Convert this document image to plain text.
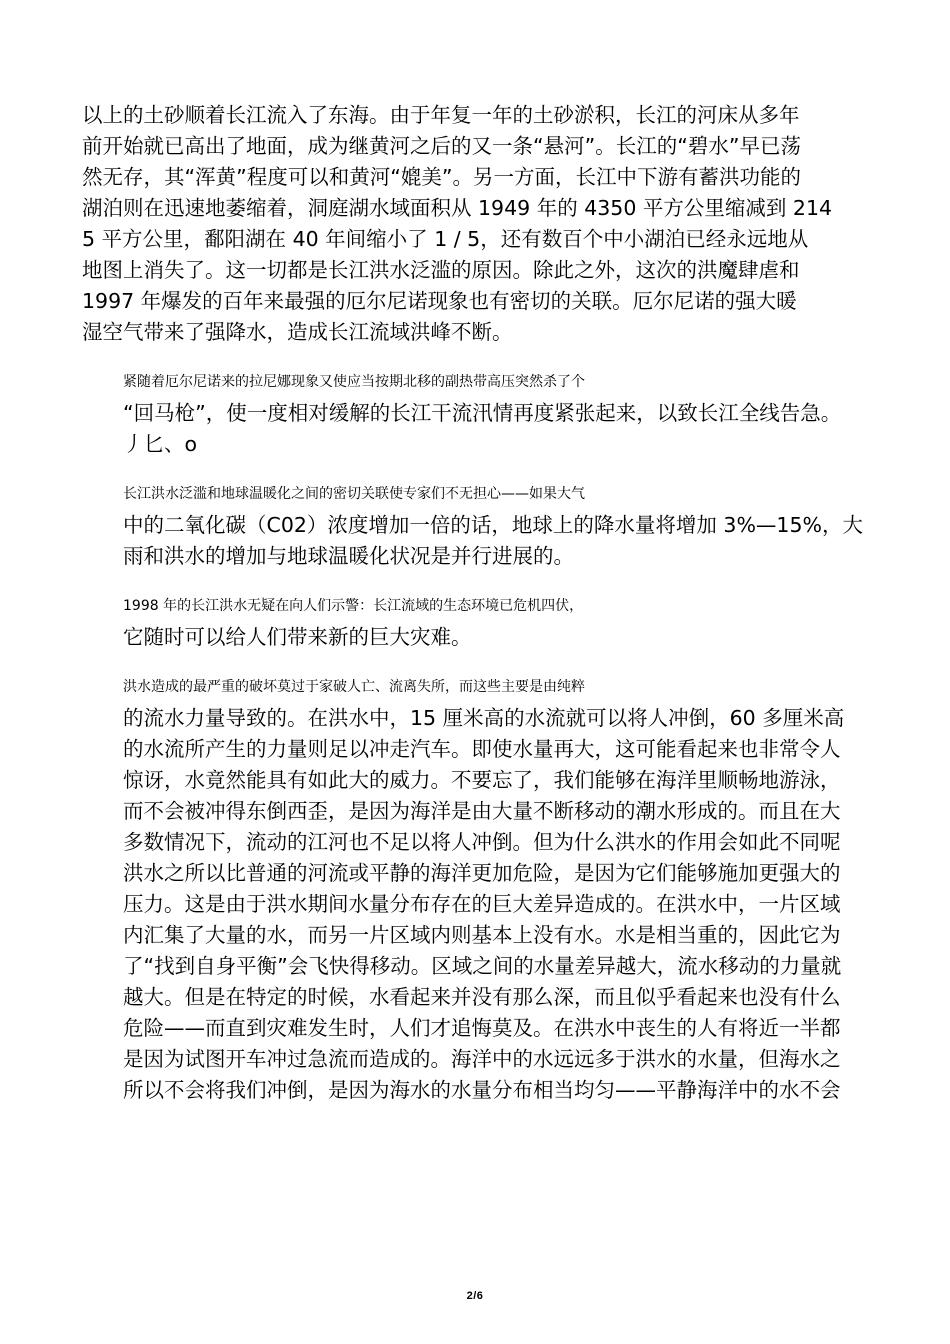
以上的土砂顺着长江流入了东海。由于年复一年的土砂淤积，长江的河床从多年
前开始就已高出了地面，成为继黄河之后的又一条“悬河”。长江的“碧水”早已荡
然无存，其“浑黄”程度可以和黄河“媲美”。另一方面，长江中下游有蓄洪功能的
湖泊则在迅速地萎缩着，洞庭湖水域面积从 1949 年的 4350 平方公里缩减到 214
5 平方公里，鄱阳湖在 40 年间缩小了 1 / 5，还有数百个中小湖泊已经永远地从
地图上消失了。这一切都是长江洪水泛滥的原因。除此之外，这次的洪魔肆虐和
1997 年爆发的百年来最强的厄尔尼诺现象也有密切的关联。厄尔尼诺的强大暖
湿空气带来了强降水，造成长江流域洪峰不断。

紧随着厄尔尼诺来的拉尼娜现象又使应当按期北移的副热带高压突然杀了个
“回马枪”，使一度相对缓解的长江干流汛情再度紧张起来，以致长江全线告急。
丿匕、o

长江洪水泛滥和地球温暖化之间的密切关联使专家们不无担心——如果大气
中的二氧化碳（C02）浓度增加一倍的话，地球上的降水量将增加 3%—15%，大
雨和洪水的增加与地球温暖化状况是并行进展的。

1998 年的长江洪水无疑在向人们示警：长江流域的生态环境已危机四伏，
它随时可以给人们带来新的巨大灾难。

洪水造成的最严重的破坏莫过于家破人亡、流离失所，而这些主要是由纯粹
的流水力量导致的。在洪水中，15 厘米高的水流就可以将人冲倒，60 多厘米高
的水流所产生的力量则足以冲走汽车。即使水量再大，这可能看起来也非常令人
惊讶，水竟然能具有如此大的威力。不要忘了，我们能够在海洋里顺畅地游泳，
而不会被冲得东倒西歪，是因为海洋是由大量不断移动的潮水形成的。而且在大
多数情况下，流动的江河也不足以将人冲倒。但为什么洪水的作用会如此不同呢
洪水之所以比普通的河流或平静的海洋更加危险，是因为它们能够施加更强大的
压力。这是由于洪水期间水量分布存在的巨大差异造成的。在洪水中，一片区域
内汇集了大量的水，而另一片区域内则基本上没有水。水是相当重的，因此它为
了“找到自身平衡”会飞快得移动。区域之间的水量差异越大，流水移动的力量就
越大。但是在特定的时候，水看起来并没有那么深，而且似乎看起来也没有什么
危险——而直到灾难发生时，人们才追悔莫及。在洪水中丧生的人有将近一半都
是因为试图开车冲过急流而造成的。海洋中的水远远多于洪水的水量，但海水之
所以不会将我们冲倒，是因为海水的水量分布相当均匀——平静海洋中的水不会

2/6
